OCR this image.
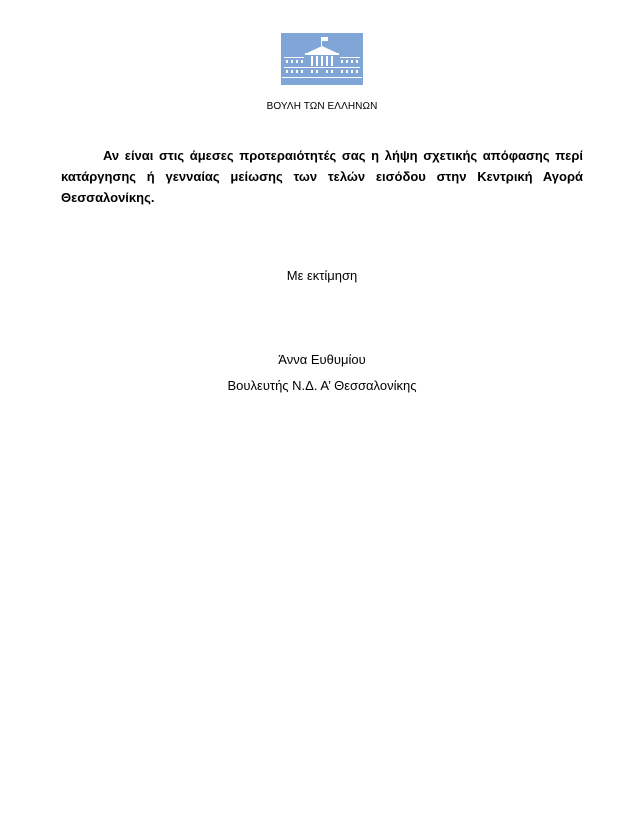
ΒΟΥΛΗ ΤΩΝ ΕΛΛΗΝΩΝ

Αν είναι στις άμεσες προτεραιότητές σας η λήψη σχετικής απόφασης περί κατάργησης ή γενναίας μείωσης των τελών εισόδου στην Κεντρική Αγορά Θεσσαλονίκης.

Με εκτίμηση
Άννα Ευθυμίου
Βουλευτής Ν.Δ. Α’ Θεσσαλονίκης
